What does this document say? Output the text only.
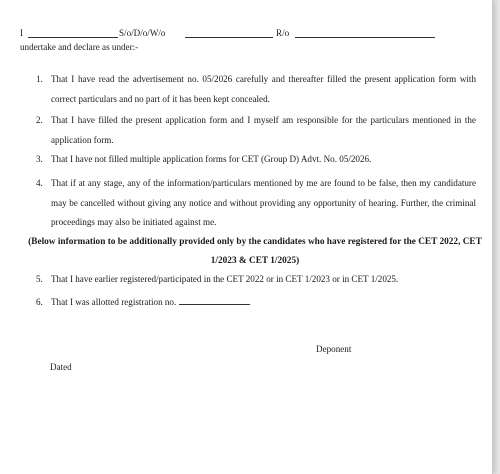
I	S/o/D/o/W/o	R/o
undertake and declare as under:-
1. That I have read the advertisement no. 05/2026 carefully and thereafter filled the present application form with correct particulars and no part of it has been kept concealed.
2. That I have filled the present application form and I myself am responsible for the particulars mentioned in the application form.
3. That I have not filled multiple application forms for CET (Group D) Advt. No. 05/2026.
4. That if at any stage, any of the information/particulars mentioned by me are found to be false, then my candidature may be cancelled without giving any notice and without providing any opportunity of hearing. Further, the criminal proceedings may also be initiated against me.
(Below information to be additionally provided only by the candidates who have registered for the CET 2022, CET 1/2023 & CET 1/2025)
5. That I have earlier registered/participated in the CET 2022 or in CET 1/2023 or in CET 1/2025.
6. That I was allotted registration no.	.
Deponent
Dated
